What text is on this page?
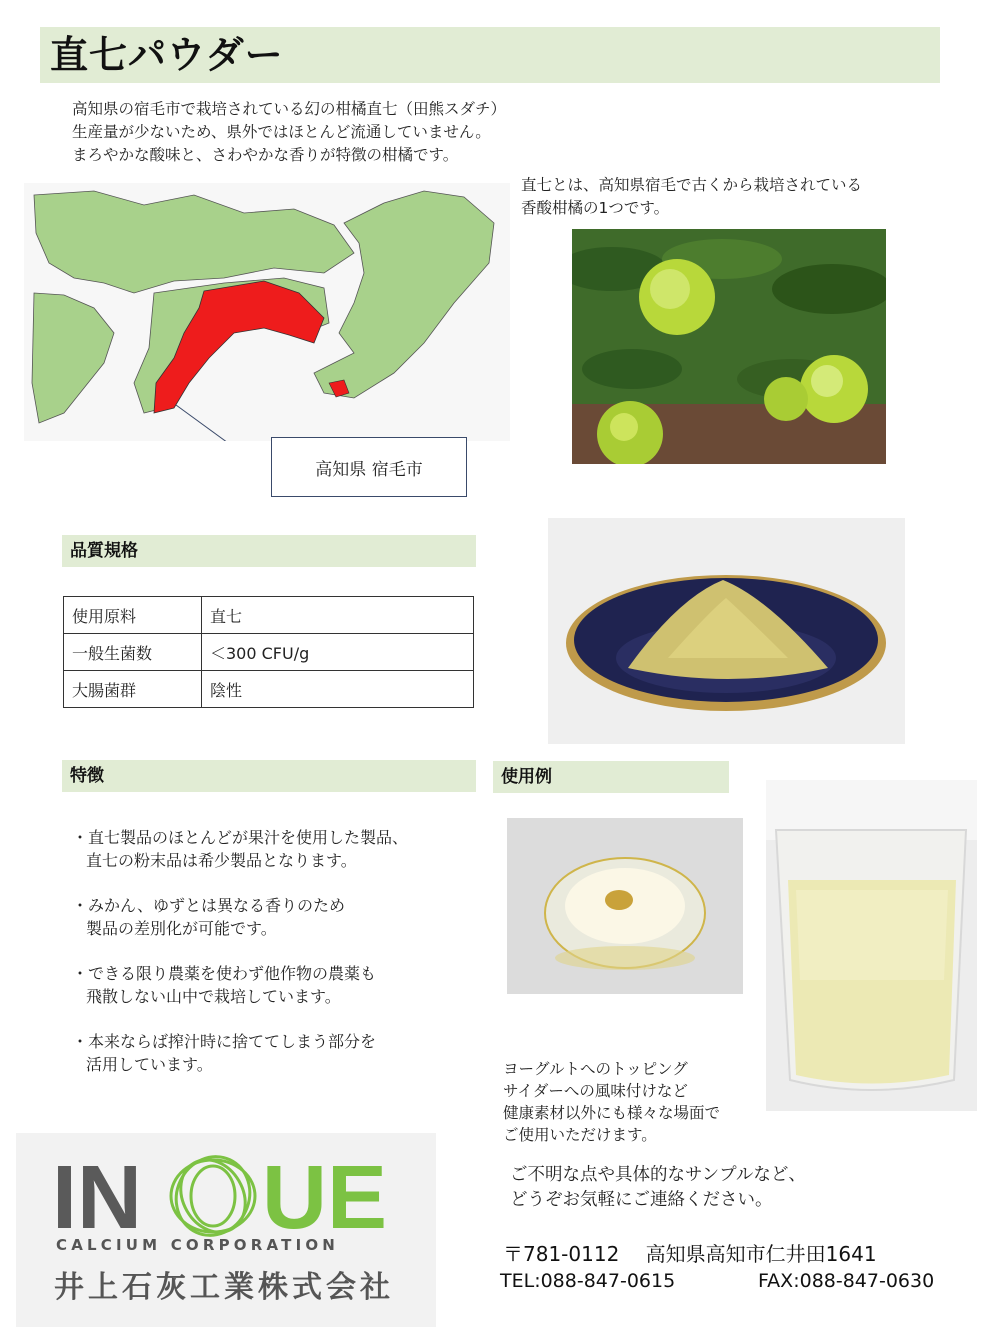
直七パウダー
高知県の宿毛市で栽培されている幻の柑橘直七（田熊スダチ）
生産量が少ないため、県外ではほとんど流通していません。
まろやかな酸味と、さわやかな香りが特徴の柑橘です。
高知県 宿毛市
直七とは、高知県宿毛で古くから栽培されている
香酸柑橘の1つです。
品質規格
使用原料	直七
一般生菌数	＜300 CFU/g
大腸菌群	陰性
特徴
・直七製品のほとんどが果汁を使用した製品、
直七の粉末品は希少製品となります。
・みかん、ゆずとは異なる香りのため
製品の差別化が可能です。
・できる限り農薬を使わず他作物の農薬も
飛散しない山中で栽培しています。
・本来ならば搾汁時に捨ててしまう部分を
活用しています。
使用例
ヨーグルトへのトッピング
サイダーへの風味付けなど
健康素材以外にも様々な場面で
ご使用いただけます。
IN UE
CALCIUM CORPORATION
井上石灰工業株式会社
ご不明な点や具体的なサンプルなど、
どうぞお気軽にご連絡ください。
〒781-0112　 高知県高知市仁井田1641
TEL:088-847-0615	FAX:088-847-0630
